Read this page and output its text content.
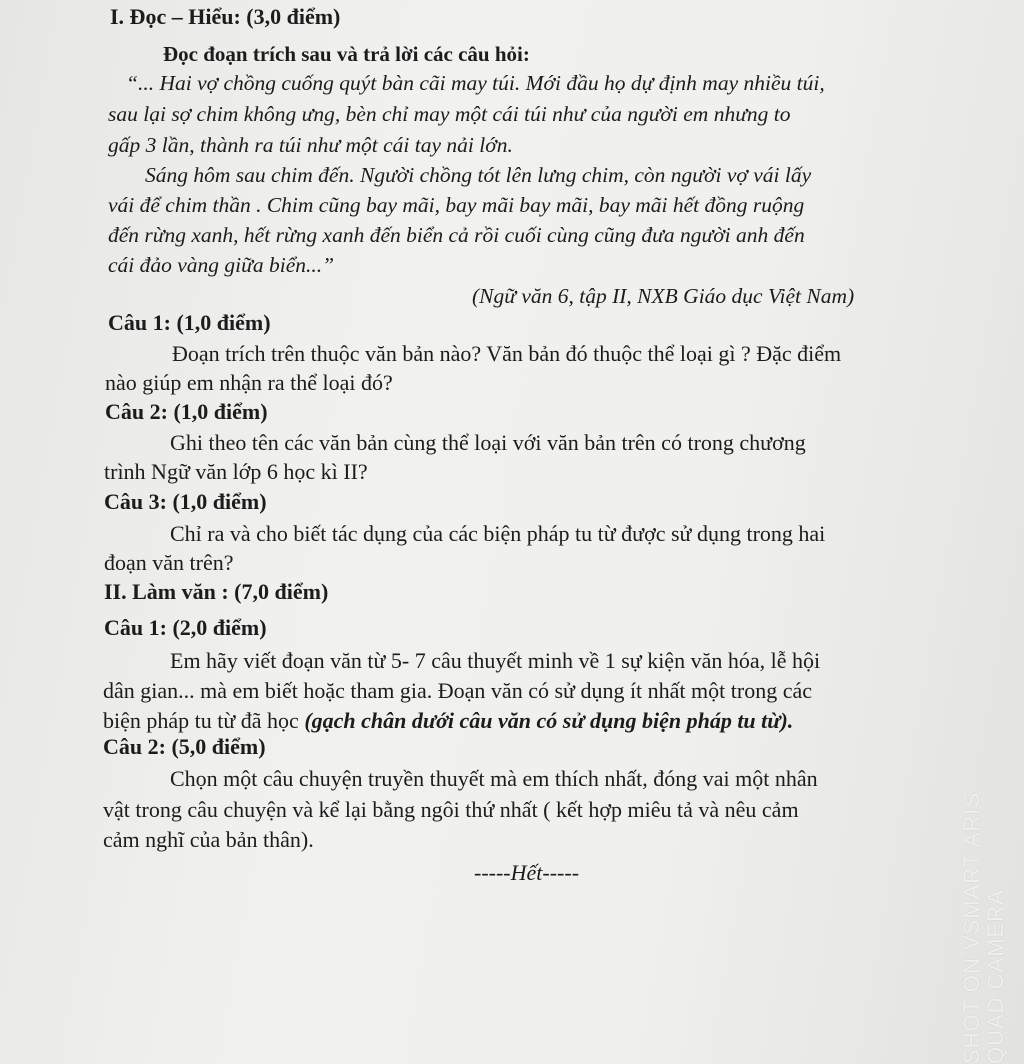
I. Đọc – Hiểu: (3,0 điểm)
Đọc đoạn trích sau và trả lời các câu hỏi:
“... Hai vợ chồng cuống quýt bàn cãi may túi. Mới đầu họ dự định may nhiều túi,
sau lại sợ chim không ưng, bèn chỉ may một cái túi như của người em nhưng to
gấp 3 lần, thành ra túi như một cái tay nải lớn.
Sáng hôm sau chim đến. Người chồng tót lên lưng chim, còn người vợ vái lấy
vái để chim thần . Chim cũng bay mãi, bay mãi bay mãi, bay mãi hết đồng ruộng
đến rừng xanh, hết rừng xanh đến biển cả rồi cuối cùng cũng đưa người anh đến
cái đảo vàng giữa biển...”
(Ngữ văn 6, tập II, NXB Giáo dục Việt Nam)
Câu 1: (1,0 điểm)
Đoạn trích trên thuộc văn bản nào? Văn bản đó thuộc thể loại gì ? Đặc điểm
nào giúp em nhận ra thể loại đó?
Câu 2: (1,0 điểm)
Ghi theo tên các văn bản cùng thể loại với văn bản trên có trong chương
trình Ngữ văn lớp 6 học kì II?
Câu 3: (1,0 điểm)
Chỉ ra và cho biết tác dụng của các biện pháp tu từ được sử dụng trong hai
đoạn văn trên?
II. Làm văn : (7,0 điểm)
Câu 1: (2,0 điểm)
Em hãy viết đoạn văn từ 5- 7 câu thuyết minh về 1 sự kiện văn hóa, lễ hội
dân gian... mà em biết hoặc tham gia. Đoạn văn có sử dụng ít nhất một trong các
biện pháp tu từ đã học (gạch chân dưới câu văn có sử dụng biện pháp tu từ).
Câu 2: (5,0 điểm)
Chọn một câu chuyện truyền thuyết mà em thích nhất, đóng vai một nhân
vật trong câu chuyện và kể lại bằng ngôi thứ nhất ( kết hợp miêu tả và nêu cảm
cảm nghĩ của bản thân).
-----Hết-----	SHOT ON VSMART ARIS QUAD CAMERA
